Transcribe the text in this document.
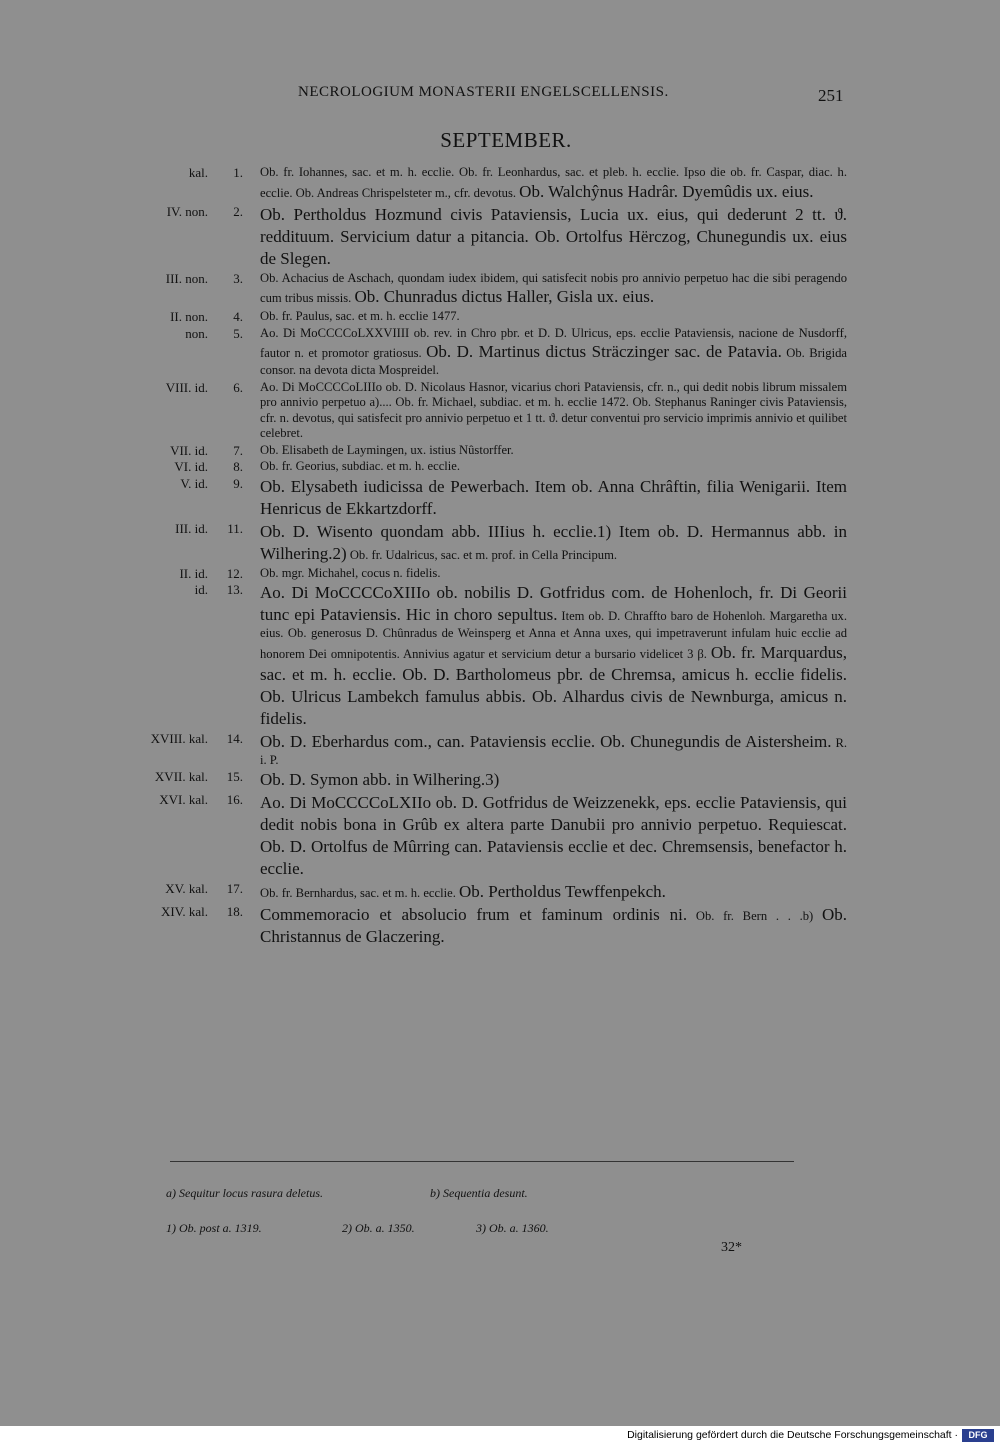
NECROLOGIUM MONASTERII ENGELSCELLENSIS.	251
SEPTEMBER.
kal. 1. Ob. fr. Iohannes, sac. et m. h. ecclie. Ob. fr. Leonhardus, sac. et pleb. h. ecclie. Ipso die ob. fr. Caspar, diac. h. ecclie. Ob. Andreas Chrispelsteter m., cfr. devotus. Ob. Walchŷnus Hadrâr. Dyemûdis ux. eius.
IV. non. 2. Ob. Pertholdus Hozmund civis Pataviensis, Lucia ux. eius, qui dederunt 2 tt. ϑ. reddituum. Servicium datur a pitancia. Ob. Ortolfus Hërczog, Chunegundis ux. eius de Slegen.
III. non. 3. Ob. Achacius de Aschach, quondam iudex ibidem, qui satisfecit nobis pro annivio perpetuo hac die sibi peragendo cum tribus missis. Ob. Chunradus dictus Haller, Gisla ux. eius.
II. non. 4. Ob. fr. Paulus, sac. et m. h. ecclie 1477.
non. 5. Ao. Di MoCCCCoLXXVIIII ob. rev. in Chro pbr. et D. D. Ulricus, eps. ecclie Pataviensis, nacione de Nusdorff, fautor n. et promotor gratiosus. Ob. D. Martinus dictus Sträczinger sac. de Patavia. Ob. Brigida consor. na devota dicta Mospreidel.
VIII. id. 6. Ao. Di MoCCCCoLIIIo ob. D. Nicolaus Hasnor, vicarius chori Pataviensis, cfr. n., qui dedit nobis librum missalem pro annivio perpetuo a).... Ob. fr. Michael, subdiac. et m. h. ecclie 1472. Ob. Stephanus Raninger civis Pataviensis, cfr. n. devotus, qui satisfecit pro annivio perpetuo et 1 tt. ϑ. detur conventui pro servicio imprimis annivio et quilibet celebret.
VII. id. 7. Ob. Elisabeth de Laymingen, ux. istius Nûstorffer.
VI. id. 8. Ob. fr. Georius, subdiac. et m. h. ecclie.
V. id. 9. Ob. Elysabeth iudicissa de Pewerbach. Item ob. Anna Chrâftin, filia Wenigarii. Item Henricus de Ekkartzdorff.
III. id. 11. Ob. D. Wisento quondam abb. IIIius h. ecclie.1) Item ob. D. Hermannus abb. in Wilhering.2) Ob. fr. Udalricus, sac. et m. prof. in Cella Principum.
II. id. 12. Ob. mgr. Michahel, cocus n. fidelis.
id. 13. Ao. Di MoCCCCoXIIIo ob. nobilis D. Gotfridus com. de Hohenloch, fr. Di Georii tunc epi Pataviensis. Hic in choro sepultus. Item ob. D. Chraffto baro de Hohenloh. Margaretha ux. eius. Ob. generosus D. Chûnradus de Weinsperg et Anna et Anna uxes, qui impetraverunt infulam huic ecclie ad honorem Dei omnipotentis. Annivius agatur et servicium detur a bursario videlicet 3 β. Ob. fr. Marquardus, sac. et m. h. ecclie. Ob. D. Bartholomeus pbr. de Chremsa, amicus h. ecclie fidelis. Ob. Ulricus Lambekch famulus abbis. Ob. Alhardus civis de Newnburga, amicus n. fidelis.
XVIII. kal. 14. Ob. D. Eberhardus com., can. Pataviensis ecclie. Ob. Chunegundis de Aistersheim. R. i. P.
XVII. kal. 15. Ob. D. Symon abb. in Wilhering.3)
XVI. kal. 16. Ao. Di MoCCCCoLXIIo ob. D. Gotfridus de Weizzenekk, eps. ecclie Pataviensis, qui dedit nobis bona in Grûb ex altera parte Danubii pro annivio perpetuo. Requiescat. Ob. D. Ortolfus de Mûrring can. Pataviensis ecclie et dec. Chremsensis, benefactor h. ecclie.
XV. kal. 17. Ob. fr. Bernhardus, sac. et m. h. ecclie. Ob. Pertholdus Tewffenpekch.
XIV. kal. 18. Commemoracio et absolucio frum et faminum ordinis ni. Ob. fr. Bern . . .b) Ob. Christannus de Glaczering.
a) Sequitur locus rasura deletus.	b) Sequentia desunt.
1) Ob. post a. 1319.	2) Ob. a. 1350.	3) Ob. a. 1360.
32*
Digitalisierung gefördert durch die Deutsche Forschungsgemeinschaft ·	DFG
